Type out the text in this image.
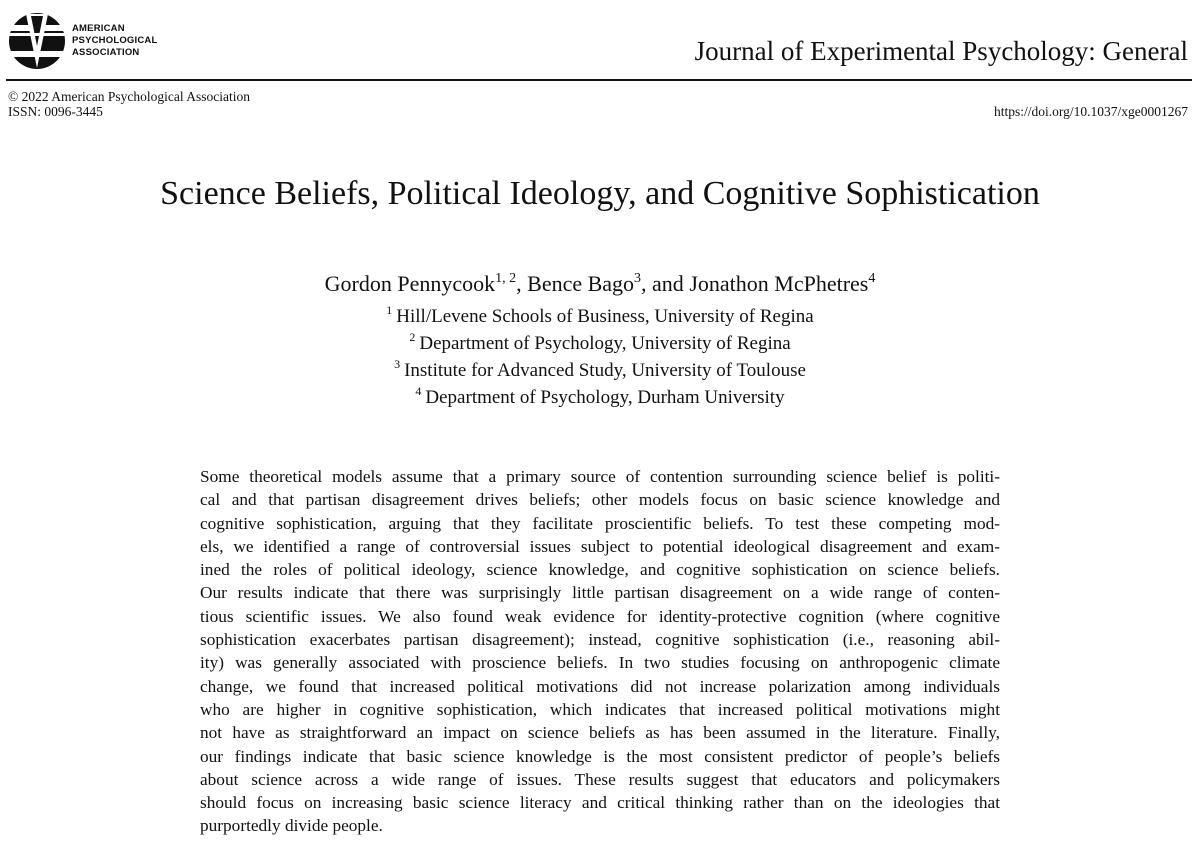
AMERICAN
PSYCHOLOGICAL
ASSOCIATION	Journal of Experimental Psychology: General
© 2022 American Psychological Association
ISSN: 0096-3445	https://doi.org/10.1037/xge0001267
Science Beliefs, Political Ideology, and Cognitive Sophistication
Gordon Pennycook$^{1, 2}$, Bence Bago$^3$, and Jonathon McPhetres$^4$
$^1$ Hill/Levene Schools of Business, University of Regina
$^2$ Department of Psychology, University of Regina
$^3$ Institute for Advanced Study, University of Toulouse
$^4$ Department of Psychology, Durham University
Some theoretical models assume that a primary source of contention surrounding science belief is politi-
cal and that partisan disagreement drives beliefs; other models focus on basic science knowledge and
cognitive sophistication, arguing that they facilitate proscientific beliefs. To test these competing mod-
els, we identified a range of controversial issues subject to potential ideological disagreement and exam-
ined the roles of political ideology, science knowledge, and cognitive sophistication on science beliefs.
Our results indicate that there was surprisingly little partisan disagreement on a wide range of conten-
tious scientific issues. We also found weak evidence for identity-protective cognition (where cognitive
sophistication exacerbates partisan disagreement); instead, cognitive sophistication (i.e., reasoning abil-
ity) was generally associated with proscience beliefs. In two studies focusing on anthropogenic climate
change, we found that increased political motivations did not increase polarization among individuals
who are higher in cognitive sophistication, which indicates that increased political motivations might
not have as straightforward an impact on science beliefs as has been assumed in the literature. Finally,
our findings indicate that basic science knowledge is the most consistent predictor of people’s beliefs
about science across a wide range of issues. These results suggest that educators and policymakers
should focus on increasing basic science literacy and critical thinking rather than on the ideologies that
purportedly divide people.
